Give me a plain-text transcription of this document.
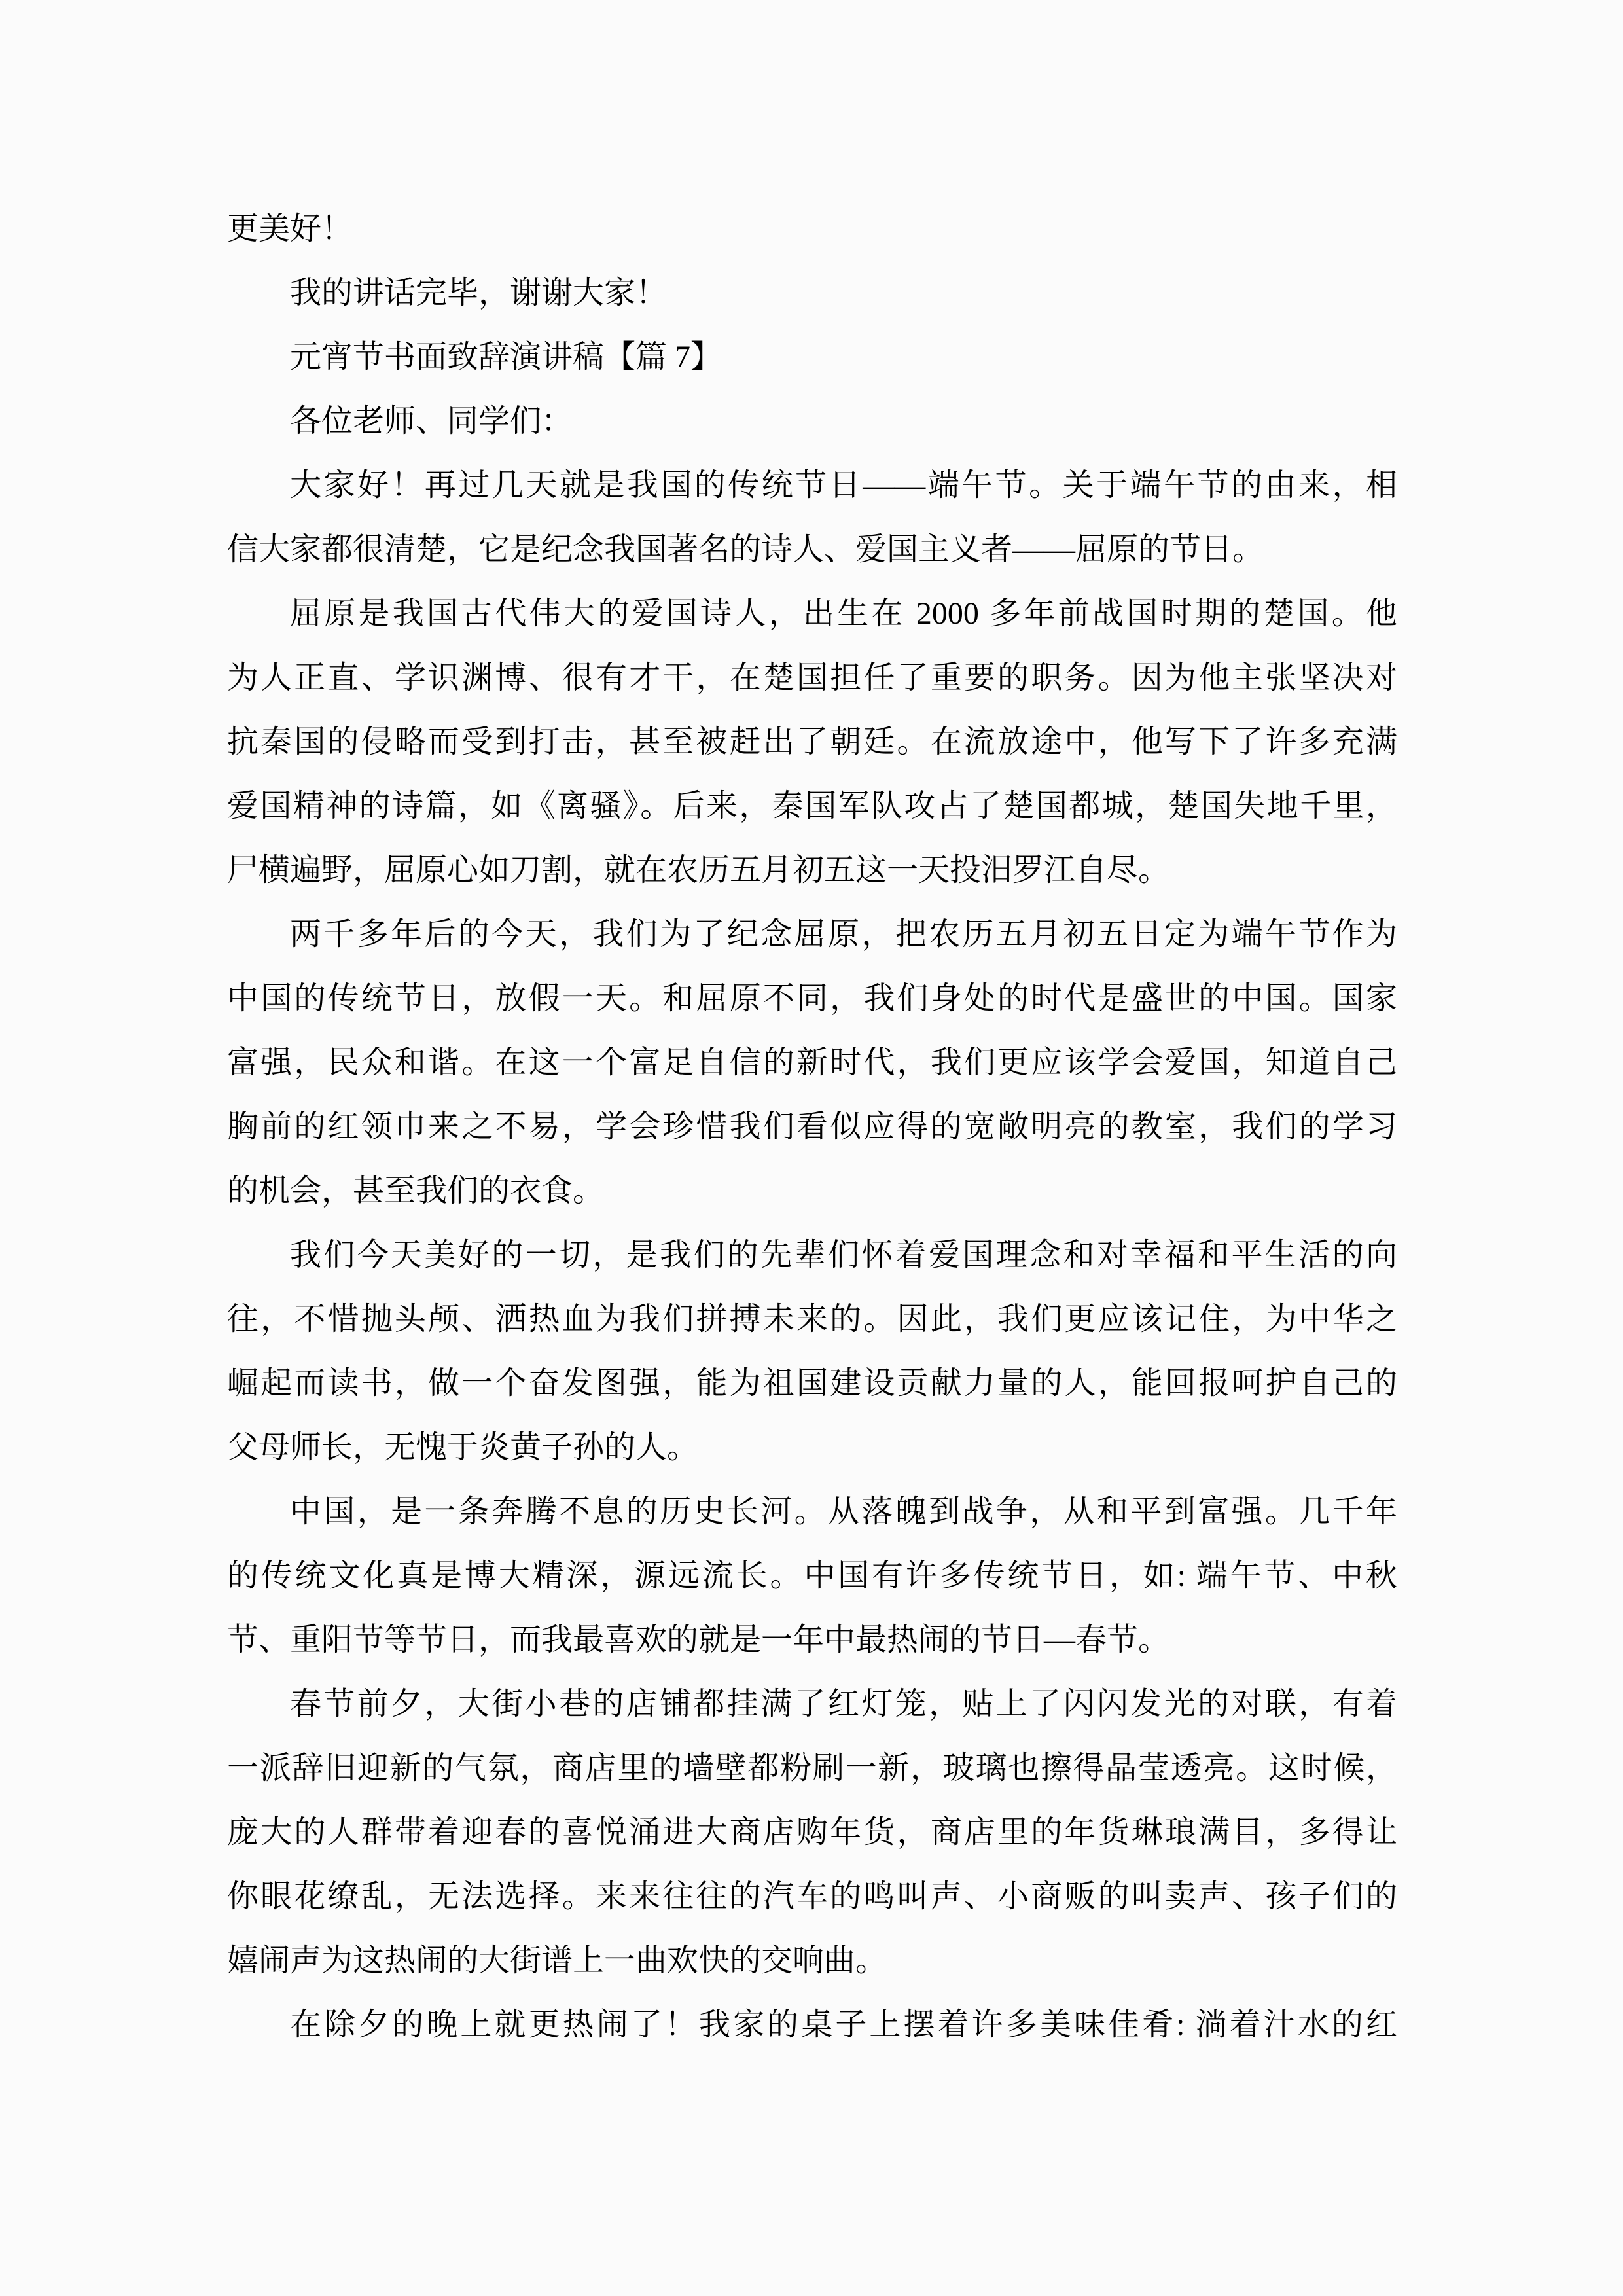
更美好！
我的讲话完毕，谢谢大家！
元宵节书面致辞演讲稿【篇 7】
各位老师、同学们：
大家好！再过几天就是我国的传统节日——端午节。关于端午节的由来，相
信大家都很清楚，它是纪念我国著名的诗人、爱国主义者——屈原的节日。
屈原是我国古代伟大的爱国诗人，出生在 2000 多年前战国时期的楚国。他
为人正直、学识渊博、很有才干，在楚国担任了重要的职务。因为他主张坚决对
抗秦国的侵略而受到打击，甚至被赶出了朝廷。在流放途中，他写下了许多充满
爱国精神的诗篇，如《离骚》。后来，秦国军队攻占了楚国都城，楚国失地千里，
尸横遍野，屈原心如刀割，就在农历五月初五这一天投汨罗江自尽。
两千多年后的今天，我们为了纪念屈原，把农历五月初五日定为端午节作为
中国的传统节日，放假一天。和屈原不同，我们身处的时代是盛世的中国。国家
富强，民众和谐。在这一个富足自信的新时代，我们更应该学会爱国，知道自己
胸前的红领巾来之不易，学会珍惜我们看似应得的宽敞明亮的教室，我们的学习
的机会，甚至我们的衣食。
我们今天美好的一切，是我们的先辈们怀着爱国理念和对幸福和平生活的向
往，不惜抛头颅、洒热血为我们拼搏未来的。因此，我们更应该记住，为中华之
崛起而读书，做一个奋发图强，能为祖国建设贡献力量的人，能回报呵护自己的
父母师长，无愧于炎黄子孙的人。
中国，是一条奔腾不息的历史长河。从落魄到战争，从和平到富强。几千年
的传统文化真是博大精深，源远流长。中国有许多传统节日，如: 端午节、中秋
节、重阳节等节日，而我最喜欢的就是一年中最热闹的节日—春节。
春节前夕，大街小巷的店铺都挂满了红灯笼，贴上了闪闪发光的对联，有着
一派辞旧迎新的气氛，商店里的墙壁都粉刷一新，玻璃也擦得晶莹透亮。这时候，
庞大的人群带着迎春的喜悦涌进大商店购年货，商店里的年货琳琅满目，多得让
你眼花缭乱，无法选择。来来往往的汽车的鸣叫声、小商贩的叫卖声、孩子们的
嬉闹声为这热闹的大街谱上一曲欢快的交响曲。
在除夕的晚上就更热闹了！我家的桌子上摆着许多美味佳肴: 淌着汁水的红
